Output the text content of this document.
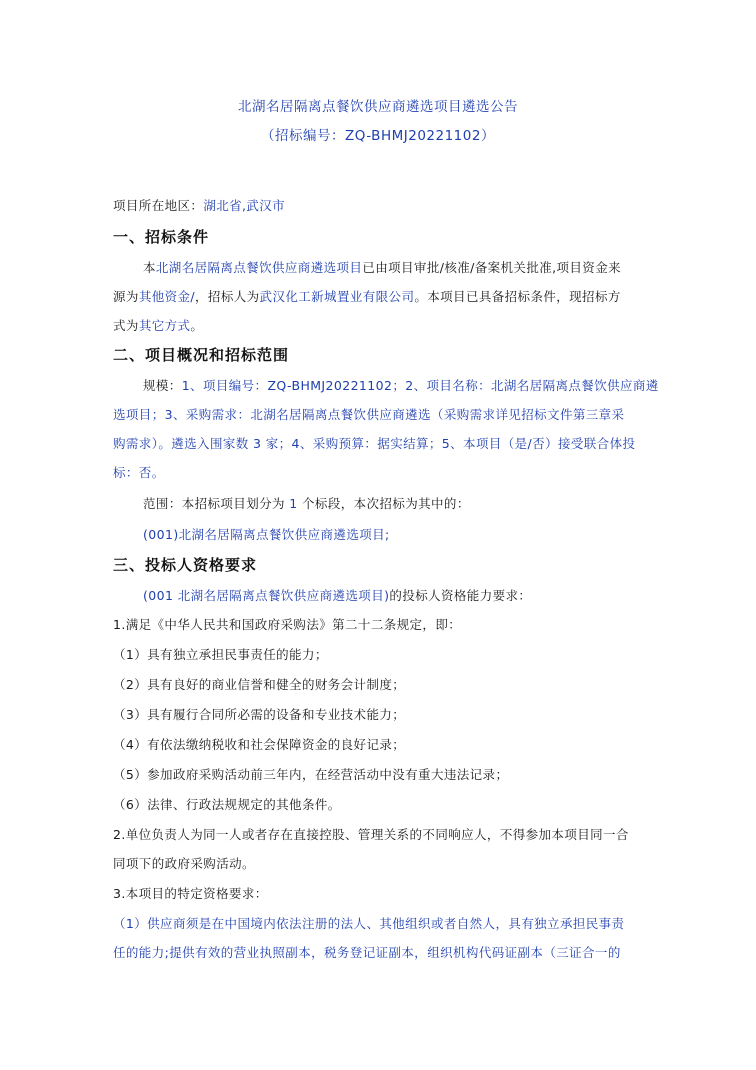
北湖名居隔离点餐饮供应商遴选项目遴选公告
（招标编号：ZQ-BHMJ20221102）
项目所在地区：湖北省,武汉市
一、招标条件
本北湖名居隔离点餐饮供应商遴选项目已由项目审批/核准/备案机关批准,项目资金来
源为其他资金/，招标人为武汉化工新城置业有限公司。本项目已具备招标条件，现招标方
式为其它方式。
二、项目概况和招标范围
规模：1、项目编号：ZQ-BHMJ20221102；2、项目名称：北湖名居隔离点餐饮供应商遴
选项目；3、采购需求：北湖名居隔离点餐饮供应商遴选（采购需求详见招标文件第三章采
购需求）。遴选入围家数 3 家；4、采购预算：据实结算；5、本项目（是/否）接受联合体投
标：否。
范围：本招标项目划分为 1 个标段，本次招标为其中的：
(001)北湖名居隔离点餐饮供应商遴选项目;
三、投标人资格要求
(001 北湖名居隔离点餐饮供应商遴选项目)的投标人资格能力要求：
1.满足《中华人民共和国政府采购法》第二十二条规定，即：
（1）具有独立承担民事责任的能力；
（2）具有良好的商业信誉和健全的财务会计制度；
（3）具有履行合同所必需的设备和专业技术能力；
（4）有依法缴纳税收和社会保障资金的良好记录；
（5）参加政府采购活动前三年内，在经营活动中没有重大违法记录；
（6）法律、行政法规规定的其他条件。
2.单位负责人为同一人或者存在直接控股、管理关系的不同响应人，不得参加本项目同一合
同项下的政府采购活动。
3.本项目的特定资格要求：
（1）供应商须是在中国境内依法注册的法人、其他组织或者自然人，具有独立承担民事责
任的能力;提供有效的营业执照副本，税务登记证副本，组织机构代码证副本（三证合一的
